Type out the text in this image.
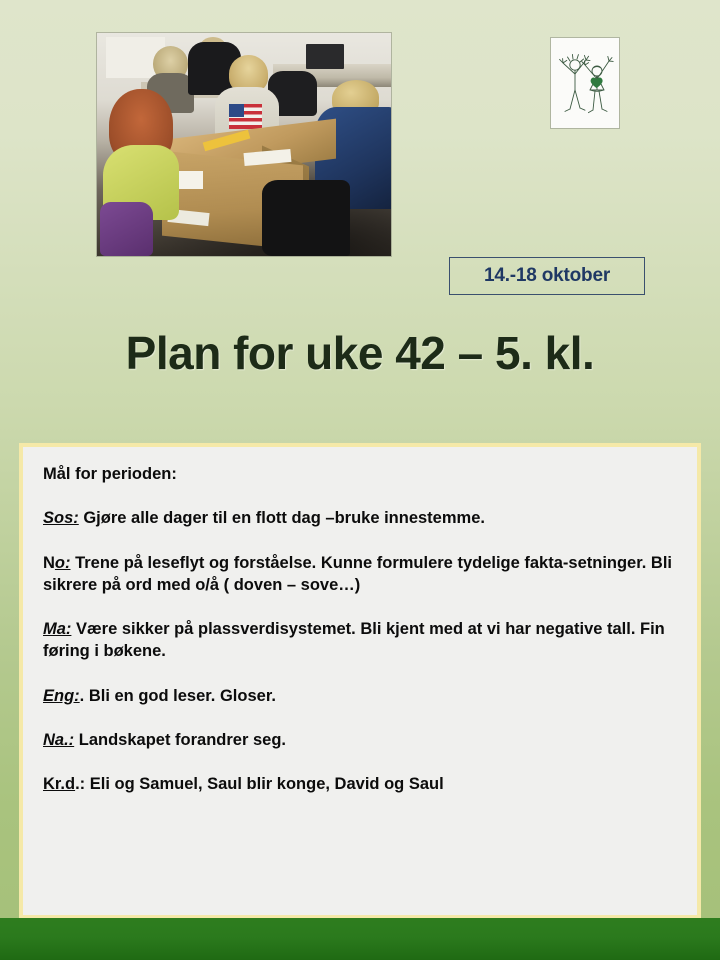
14.-18 oktober
Plan for uke 42 – 5. kl.
Mål for perioden:
Sos: Gjøre alle dager til en flott dag –bruke innestemme.
No: Trene på leseflyt og forståelse. Kunne formulere tydelige fakta-setninger. Bli sikrere på ord med o/å ( doven – sove…)
Ma: Være sikker på plassverdisystemet. Bli kjent med at vi har negative tall. Fin føring i bøkene.
Eng:. Bli en god leser. Gloser.
Na.: Landskapet forandrer seg.
Kr.d.: Eli og Samuel, Saul blir konge, David og Saul
